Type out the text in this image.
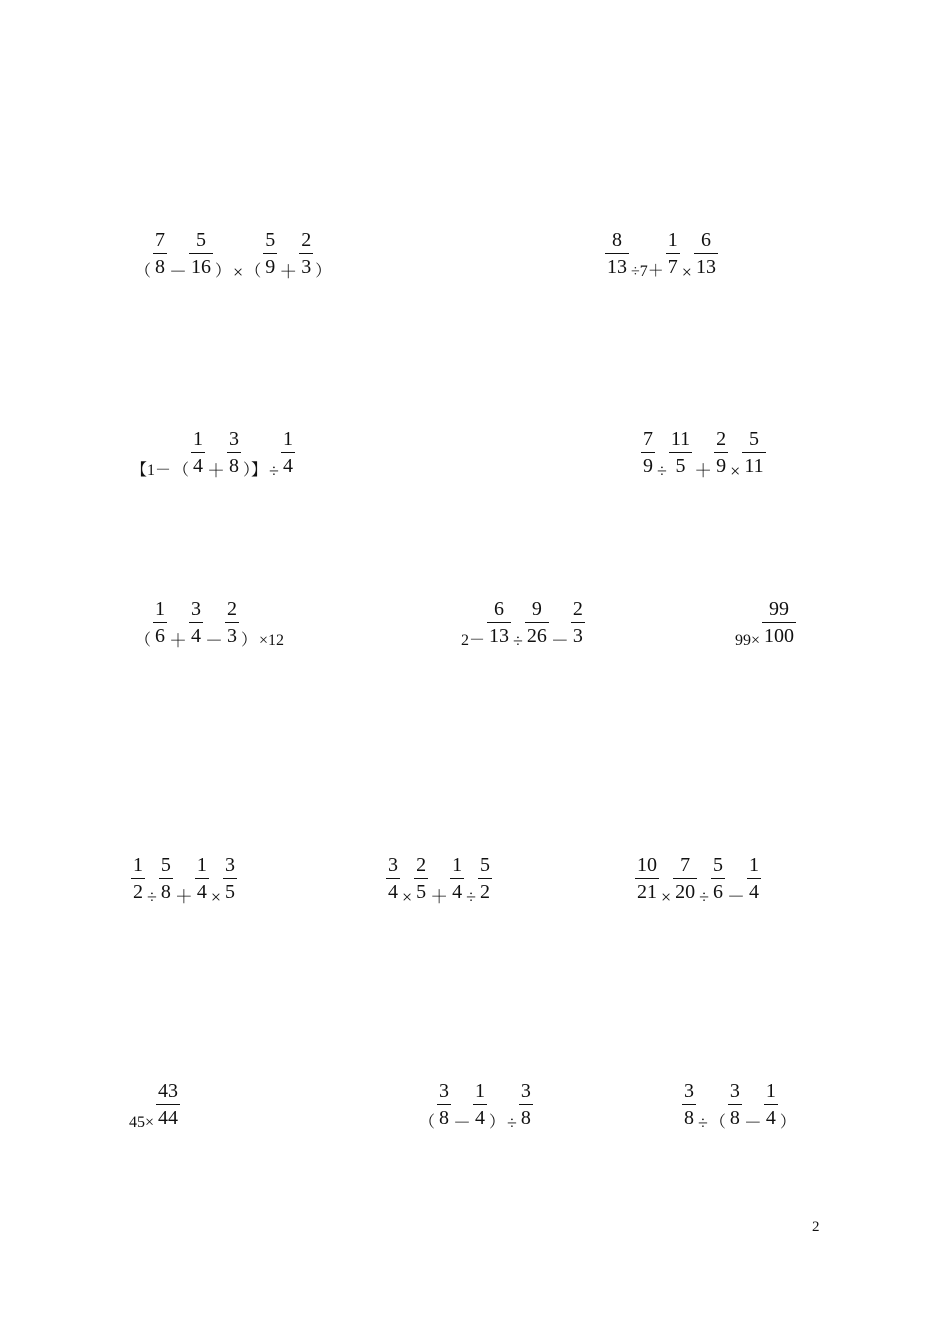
（ $\frac{7}{8} - \frac{5}{16}$ ） × （ $\frac{5}{9} + \frac{2}{3}$ ）	$\frac{8}{13} \div 7+ \frac{1}{7} \times \frac{6}{13}$
【1－ （ $\frac{1}{4} + \frac{3}{8}$ ）】 ÷ $\frac{1}{4}$	$\frac{7}{9} \div \frac{11}{5} + \frac{2}{9} \times \frac{5}{11}$
（ $\frac{1}{6} + \frac{3}{4} - \frac{2}{3}$ ） ×12	$2- \frac{6}{13} \div \frac{9}{26} - \frac{2}{3}$	$99\times \frac{99}{100}$
$\frac{1}{2} \div \frac{5}{8} + \frac{1}{4} \times \frac{3}{5}$	$\frac{3}{4} \times \frac{2}{5} + \frac{1}{4} \div \frac{5}{2}$	$\frac{10}{21} \times \frac{7}{20} \div \frac{5}{6} - \frac{1}{4}$
$45\times \frac{43}{44}$	（ $\frac{3}{8} - \frac{1}{4}$ ） ÷ $\frac{3}{8}$	$\frac{3}{8}$ ÷ （ $\frac{3}{8} - \frac{1}{4}$ ）
2
